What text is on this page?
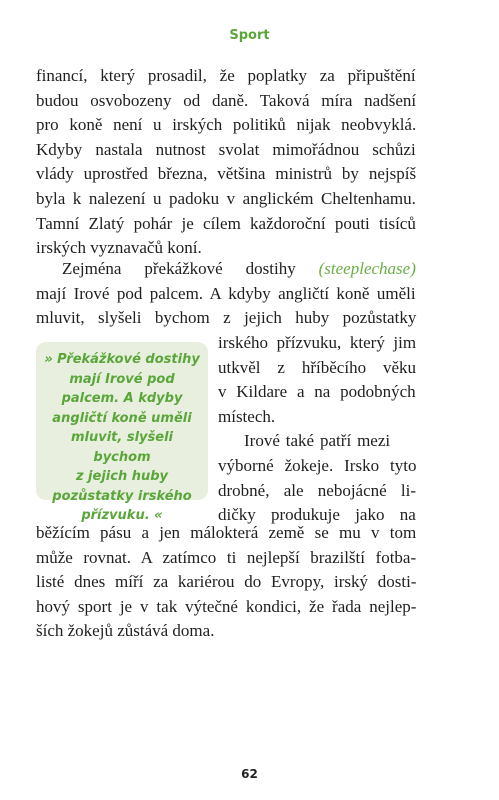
Sport
financí, který prosadil, že poplatky za připuštění budou osvobozeny od daně. Taková míra nadšení pro koně není u irských politiků nijak neobvyklá. Kdyby nastala nutnost svolat mimořádnou schůzi vlády uprostřed března, většina ministrů by nejspíš byla k nalezení u padoku v anglickém Cheltenhamu. Tamní Zlatý pohár je cílem každoroční pouti tisíců irských vyznavačů koní.
Zejména překážkové dostihy (steeplechase) mají Irové pod palcem. A kdyby angličtí koně uměli mluvit, slyšeli bychom z jejich huby pozůstatky
irského přízvuku, který jim utkvěl z hříběcího věku v Kildare a na podobných místech. Irové také patří mezi výborné žokeje. Irsko tyto drobné, ale nebojácné li- dičky produkuje jako na
» Překážkové dostihy
mají Irové pod
palcem. A kdyby
angličtí koně uměli
mluvit, slyšeli bychom
z jejich huby
pozůstatky irského
přízvuku. «
běžícím pásu a jen málokterá země se mu v tom může rovnat. A zatímco ti nejlepší brazilští fotba- listé dnes míří za kariérou do Evropy, irský dosti- hový sport je v tak výtečné kondici, že řada nejlep- ších žokejů zůstává doma.
62
